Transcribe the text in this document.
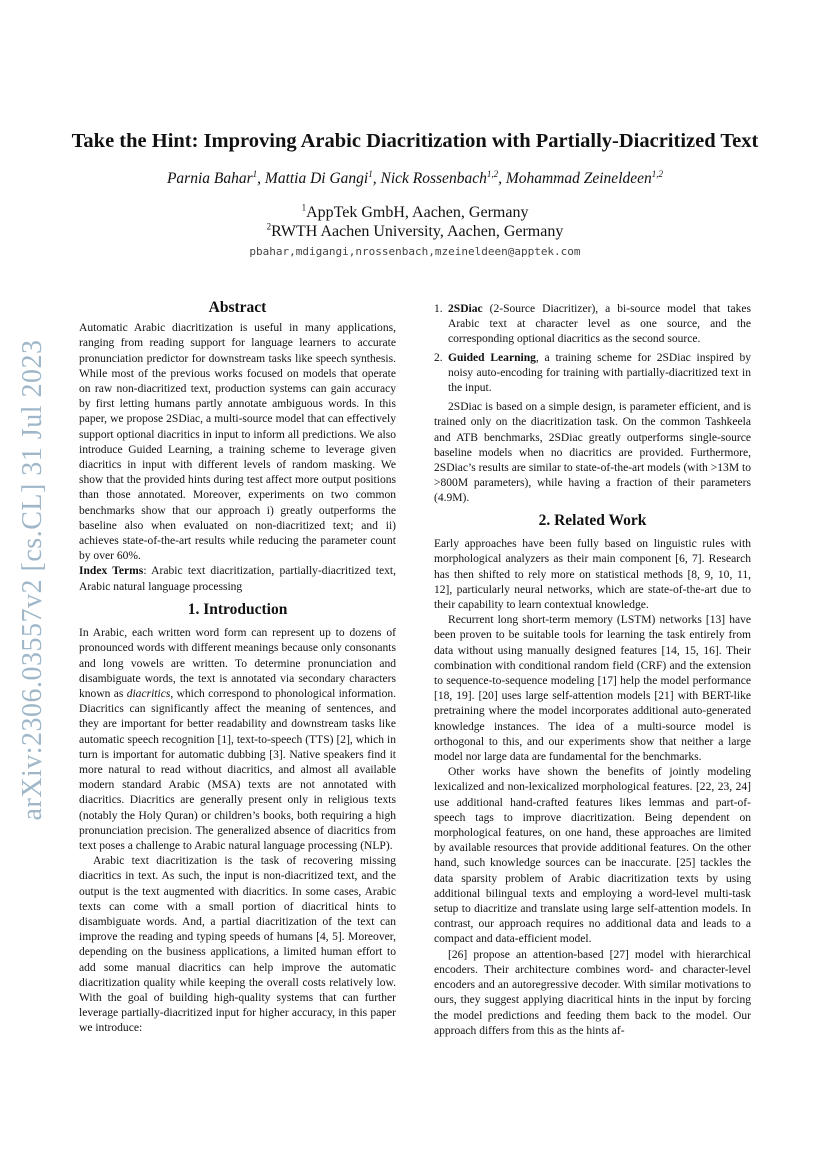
arXiv:2306.03557v2 [cs.CL] 31 Jul 2023
Take the Hint: Improving Arabic Diacritization with Partially-Diacritized Text
Parnia Bahar$^1$, Mattia Di Gangi$^1$, Nick Rossenbach$^{1,2}$, Mohammad Zeineldeen$^{1,2}$
$^1$AppTek GmbH, Aachen, Germany
$^2$RWTH Aachen University, Aachen, Germany
pbahar,mdigangi,nrossenbach,mzeineldeen@apptek.com
Abstract

Automatic Arabic diacritization is useful in many applications, ranging from reading support for language learners to accurate pronunciation predictor for downstream tasks like speech synthesis. While most of the previous works focused on models that operate on raw non-diacritized text, production systems can gain accuracy by first letting humans partly annotate ambiguous words. In this paper, we propose 2SDiac, a multi-source model that can effectively support optional diacritics in input to inform all predictions. We also introduce Guided Learning, a training scheme to leverage given diacritics in input with different levels of random masking. We show that the provided hints during test affect more output positions than those annotated. Moreover, experiments on two common benchmarks show that our approach i) greatly outperforms the baseline also when evaluated on non-diacritized text; and ii) achieves state-of-the-art results while reducing the parameter count by over 60%.

Index Terms: Arabic text diacritization, partially-diacritized text, Arabic natural language processing

1. Introduction

In Arabic, each written word form can represent up to dozens of pronounced words with different meanings because only consonants and long vowels are written. To determine pronunciation and disambiguate words, the text is annotated via secondary characters known as diacritics, which correspond to phonological information. Diacritics can significantly affect the meaning of sentences, and they are important for better readability and downstream tasks like automatic speech recognition [1], text-to-speech (TTS) [2], which in turn is important for automatic dubbing [3]. Native speakers find it more natural to read without diacritics, and almost all available modern standard Arabic (MSA) texts are not annotated with diacritics. Diacritics are generally present only in religious texts (notably the Holy Quran) or children’s books, both requiring a high pronunciation precision. The generalized absence of diacritics from text poses a challenge to Arabic natural language processing (NLP).

Arabic text diacritization is the task of recovering missing diacritics in text. As such, the input is non-diacritized text, and the output is the text augmented with diacritics. In some cases, Arabic texts can come with a small portion of diacritical hints to disambiguate words. And, a partial diacritization of the text can improve the reading and typing speeds of humans [4, 5]. Moreover, depending on the business applications, a limited human effort to add some manual diacritics can help improve the automatic diacritization quality while keeping the overall costs relatively low. With the goal of building high-quality systems that can further leverage partially-diacritized input for higher accuracy, in this paper we introduce:

1. 2SDiac (2-Source Diacritizer), a bi-source model that takes Arabic text at character level as one source, and the corresponding optional diacritics as the second source.
2. Guided Learning, a training scheme for 2SDiac inspired by noisy auto-encoding for training with partially-diacritized text in the input.

2SDiac is based on a simple design, is parameter efficient, and is trained only on the diacritization task. On the common Tashkeela and ATB benchmarks, 2SDiac greatly outperforms single-source baseline models when no diacritics are provided. Furthermore, 2SDiac’s results are similar to state-of-the-art models (with >13M to >800M parameters), while having a fraction of their parameters (4.9M).

2. Related Work

Early approaches have been fully based on linguistic rules with morphological analyzers as their main component [6, 7]. Research has then shifted to rely more on statistical methods [8, 9, 10, 11, 12], particularly neural networks, which are state-of-the-art due to their capability to learn contextual knowledge.

Recurrent long short-term memory (LSTM) networks [13] have been proven to be suitable tools for learning the task entirely from data without using manually designed features [14, 15, 16]. Their combination with conditional random field (CRF) and the extension to sequence-to-sequence modeling [17] help the model performance [18, 19]. [20] uses large self-attention models [21] with BERT-like pretraining where the model incorporates additional auto-generated knowledge instances. The idea of a multi-source model is orthogonal to this, and our experiments show that neither a large model nor large data are fundamental for the benchmarks.

Other works have shown the benefits of jointly modeling lexicalized and non-lexicalized morphological features. [22, 23, 24] use additional hand-crafted features likes lemmas and part-of-speech tags to improve diacritization. Being dependent on morphological features, on one hand, these approaches are limited by available resources that provide additional features. On the other hand, such knowledge sources can be inaccurate. [25] tackles the data sparsity problem of Arabic diacritization texts by using additional bilingual texts and employing a word-level multi-task setup to diacritize and translate using large self-attention models. In contrast, our approach requires no additional data and leads to a compact and data-efficient model.

[26] propose an attention-based [27] model with hierarchical encoders. Their architecture combines word- and character-level encoders and an autoregressive decoder. With similar motivations to ours, they suggest applying diacritical hints in the input by forcing the model predictions and feeding them back to the model. Our approach differs from this as the hints af-
